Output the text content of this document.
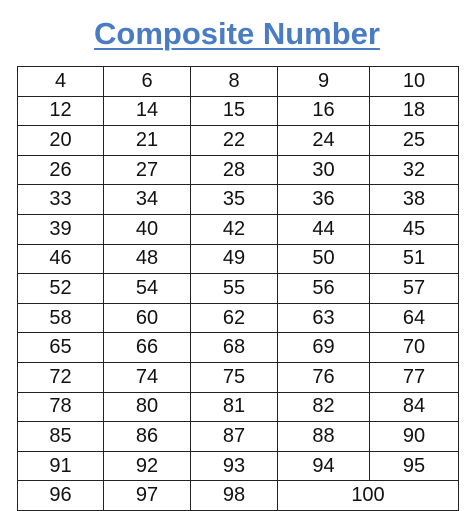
Composite Number
4	6	8	9	10
12	14	15	16	18
20	21	22	24	25
26	27	28	30	32
33	34	35	36	38
39	40	42	44	45
46	48	49	50	51
52	54	55	56	57
58	60	62	63	64
65	66	68	69	70
72	74	75	76	77
78	80	81	82	84
85	86	87	88	90
91	92	93	94	95
96	97	98	100	
